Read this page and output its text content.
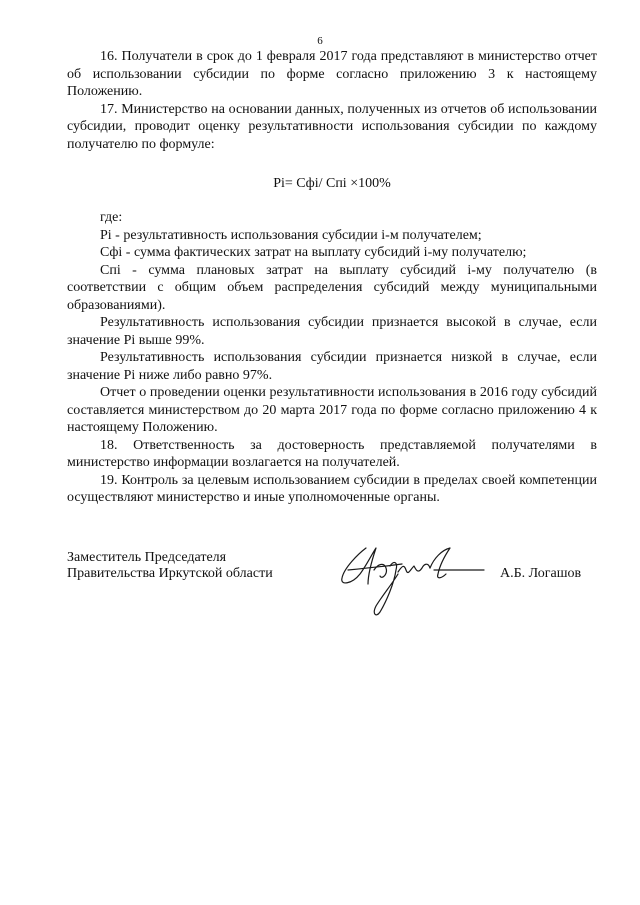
6

16. Получатели в срок до 1 февраля 2017 года представляют в министерство отчет об использовании субсидии по форме согласно приложению 3 к настоящему Положению.

17. Министерство на основании данных, полученных из отчетов об использовании субсидии, проводит оценку результативности использования субсидии по каждому получателю по формуле:

Pi= Сфi/ Спi ×100%

где:

Pi - результативность использования субсидии i-м получателем;

Сфi - сумма фактических затрат на выплату субсидий i-му получателю;

Спi - сумма плановых затрат на выплату субсидий i-му получателю (в соответствии с общим объем распределения субсидий между муниципальными образованиями).

Результативность использования субсидии признается высокой в случае, если значение Pi выше 99%.

Результативность использования субсидии признается низкой в случае, если значение Pi ниже либо равно 97%.

Отчет о проведении оценки результативности использования в 2016 году субсидий составляется министерством до 20 марта 2017 года по форме согласно приложению 4 к настоящему Положению.

18. Ответственность за достоверность представляемой получателями в министерство информации возлагается на получателей.

19. Контроль за целевым использованием субсидии в пределах своей компетенции осуществляют министерство и иные уполномоченные органы.

Заместитель Председателя
Правительства Иркутской области	А.Б. Логашов
